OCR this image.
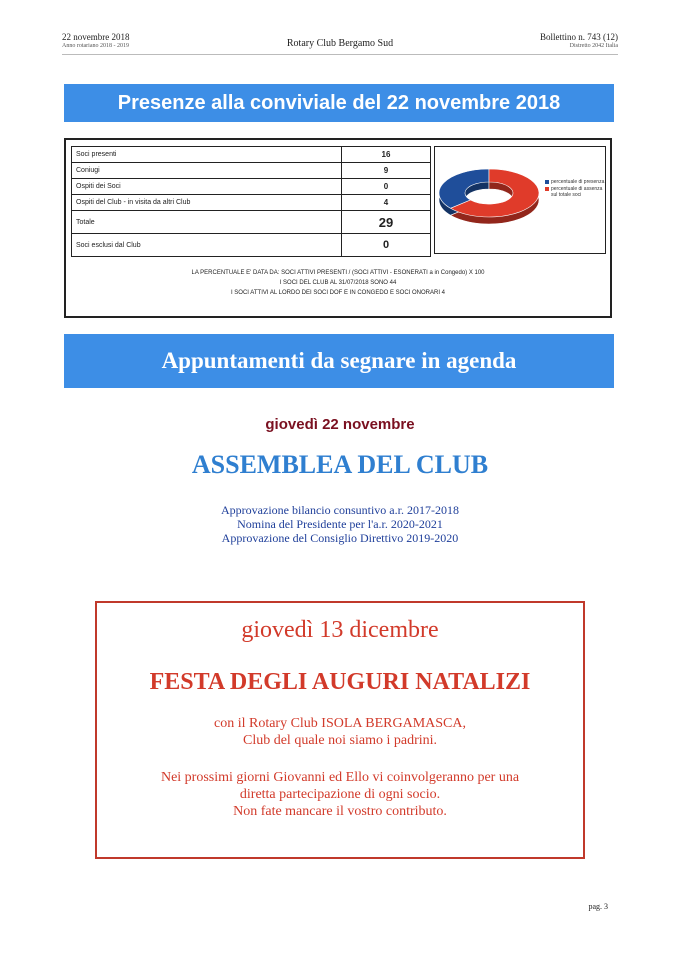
22 novembre 2018
Anno rotariano 2018 - 2019	Rotary Club Bergamo Sud
Bollettino n. 743 (12)
Distretto 2042 Italia
Presenze alla conviviale del 22 novembre 2018
Soci presenti	16
Coniugi	9
Ospiti dei Soci	0
Ospiti del Club - in visita da altri Club	4
Totale	29
Soci esclusi dal Club	0
percentuale di presenza
percentuale di assenza sul totale soci
LA PERCENTUALE E' DATA DA: SOCI ATTIVI PRESENTI / (SOCI ATTIVI - ESONERATI a in Congedo) X 100
I SOCI DEL CLUB AL 31/07/2018 SONO 44
I SOCI ATTIVI AL LORDO DEI SOCI DOF E IN CONGEDO E SOCI ONORARI 4
Appuntamenti da segnare in agenda
giovedì 22 novembre
ASSEMBLEA DEL CLUB
Approvazione bilancio consuntivo a.r. 2017-2018
Nomina del Presidente per l'a.r. 2020-2021
Approvazione del Consiglio Direttivo 2019-2020
giovedì 13 dicembre
FESTA DEGLI AUGURI NATALIZI
con il Rotary Club ISOLA BERGAMASCA,
Club del quale noi siamo i padrini.
Nei prossimi giorni Giovanni ed Ello vi coinvolgeranno per una
diretta partecipazione di ogni socio.
Non fate mancare il vostro contributo.
pag. 3
